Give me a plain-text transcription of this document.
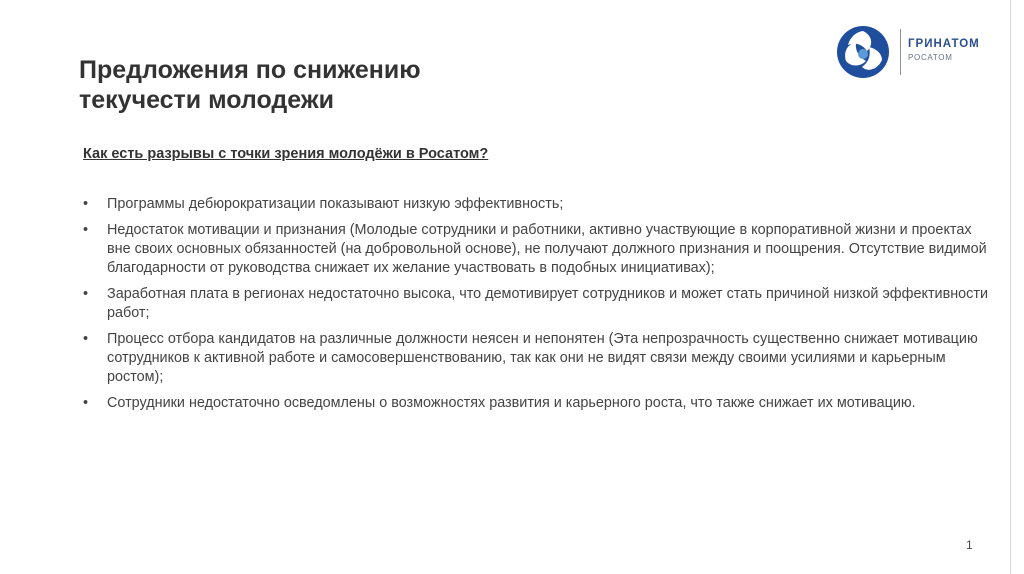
Предложения по снижению
текучести молодежи
ГРИНАТОМ
РОСАТОМ

Как есть разрывы с точки зрения молодёжи в Росатом?

• Программы дебюрократизации показывают низкую эффективность;
• Недостаток мотивации и признания (Молодые сотрудники и работники, активно участвующие в корпоративной жизни и проектах вне своих основных обязанностей (на добровольной основе), не получают должного признания и поощрения. Отсутствие видимой благодарности от руководства снижает их желание участвовать в подобных инициативах);
• Заработная плата в регионах недостаточно высока, что демотивирует сотрудников и может стать причиной низкой эффективности работ;
• Процесс отбора кандидатов на различные должности неясен и непонятен (Эта непрозрачность существенно снижает мотивацию сотрудников к активной работе и самосовершенствованию, так как они не видят связи между своими усилиями и карьерным ростом);
• Сотрудники недостаточно осведомлены о возможностях развития и карьерного роста, что также снижает их мотивацию.
1
